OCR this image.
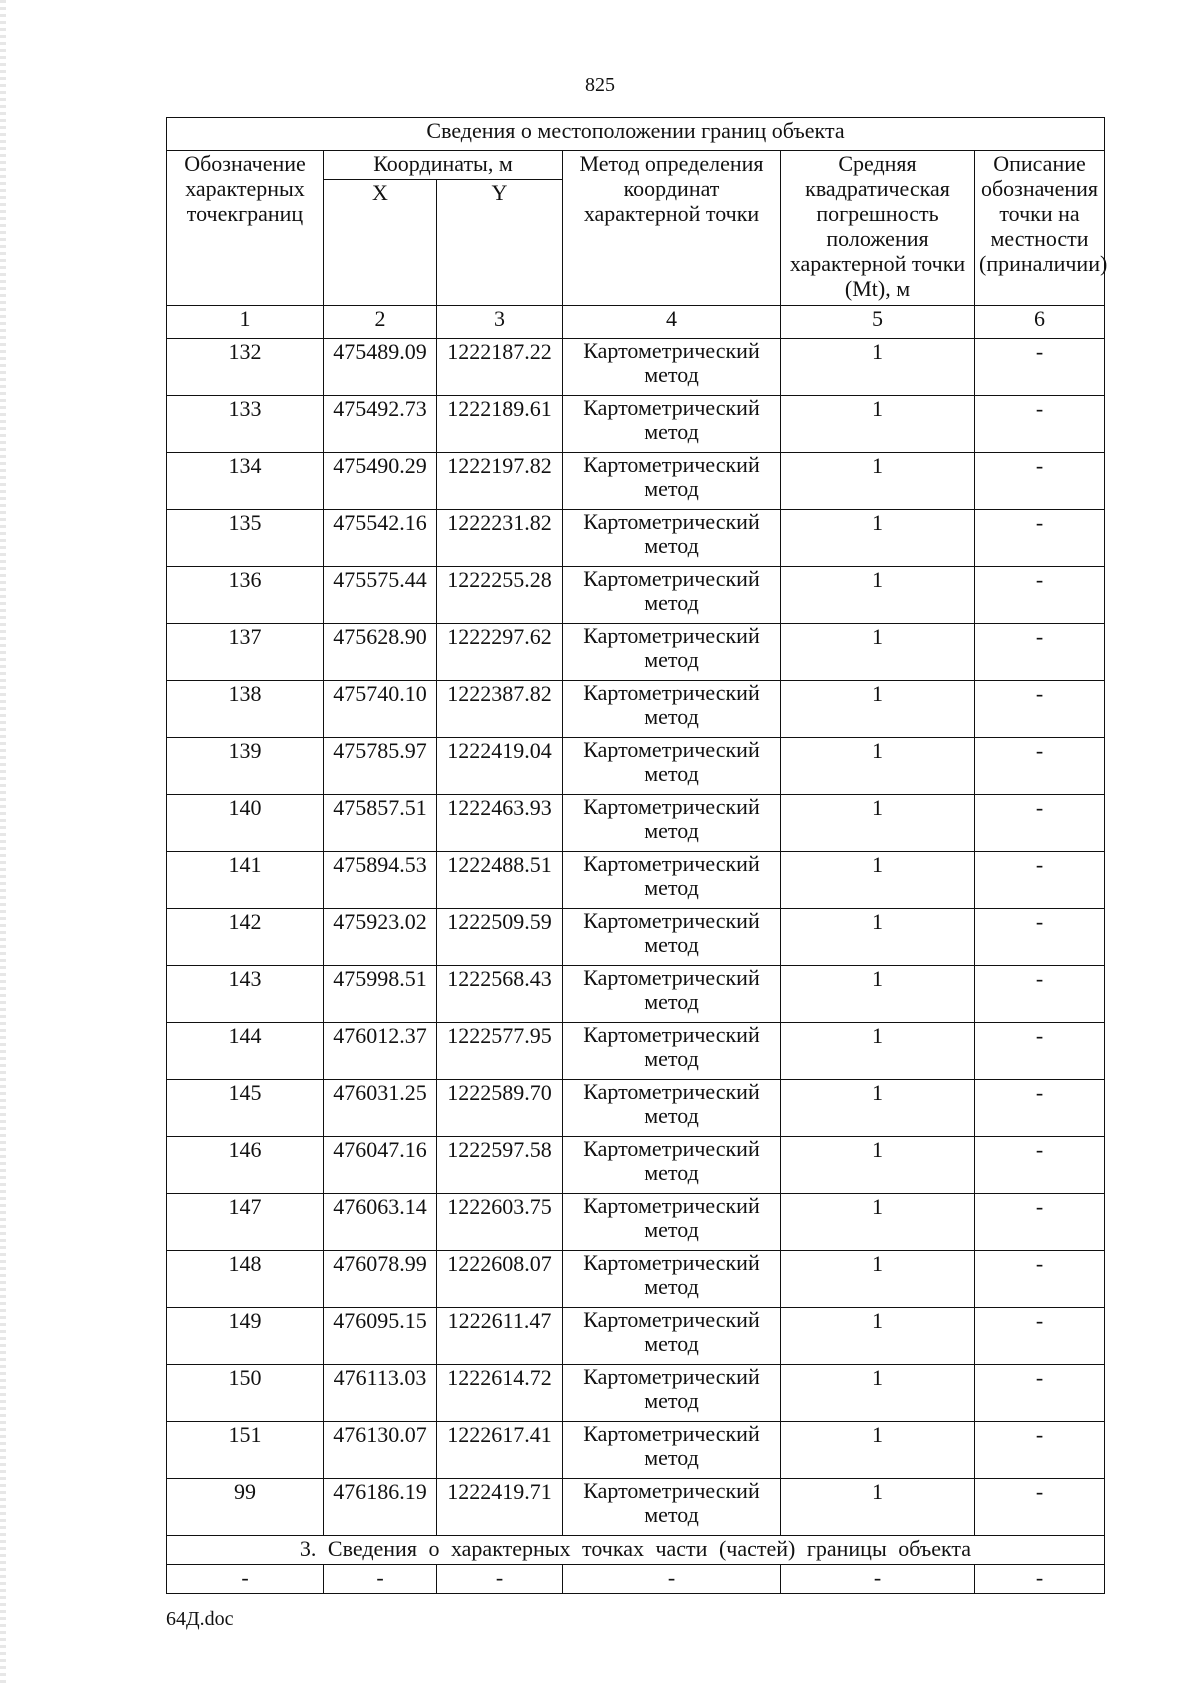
825
Сведения о местоположении границ объекта					
Обозначение характерных точекграниц	Координаты, м		Метод определения координат характерной точки	Средняя квадратическая погрешность положения характерной точки (Mt), м	Описание обозначения точки на местности (приналичии)
	X	Y			
1	2	3	4	5	6
132	475489.09	1222187.22	Картометрический метод	1	-
133	475492.73	1222189.61	Картометрический метод	1	-
134	475490.29	1222197.82	Картометрический метод	1	-
135	475542.16	1222231.82	Картометрический метод	1	-
136	475575.44	1222255.28	Картометрический метод	1	-
137	475628.90	1222297.62	Картометрический метод	1	-
138	475740.10	1222387.82	Картометрический метод	1	-
139	475785.97	1222419.04	Картометрический метод	1	-
140	475857.51	1222463.93	Картометрический метод	1	-
141	475894.53	1222488.51	Картометрический метод	1	-
142	475923.02	1222509.59	Картометрический метод	1	-
143	475998.51	1222568.43	Картометрический метод	1	-
144	476012.37	1222577.95	Картометрический метод	1	-
145	476031.25	1222589.70	Картометрический метод	1	-
146	476047.16	1222597.58	Картометрический метод	1	-
147	476063.14	1222603.75	Картометрический метод	1	-
148	476078.99	1222608.07	Картометрический метод	1	-
149	476095.15	1222611.47	Картометрический метод	1	-
150	476113.03	1222614.72	Картометрический метод	1	-
151	476130.07	1222617.41	Картометрический метод	1	-
99	476186.19	1222419.71	Картометрический метод	1	-
3. Сведения о характерных точках части (частей) границы объекта					
-	-	-	-	-	-
64Д.doc
